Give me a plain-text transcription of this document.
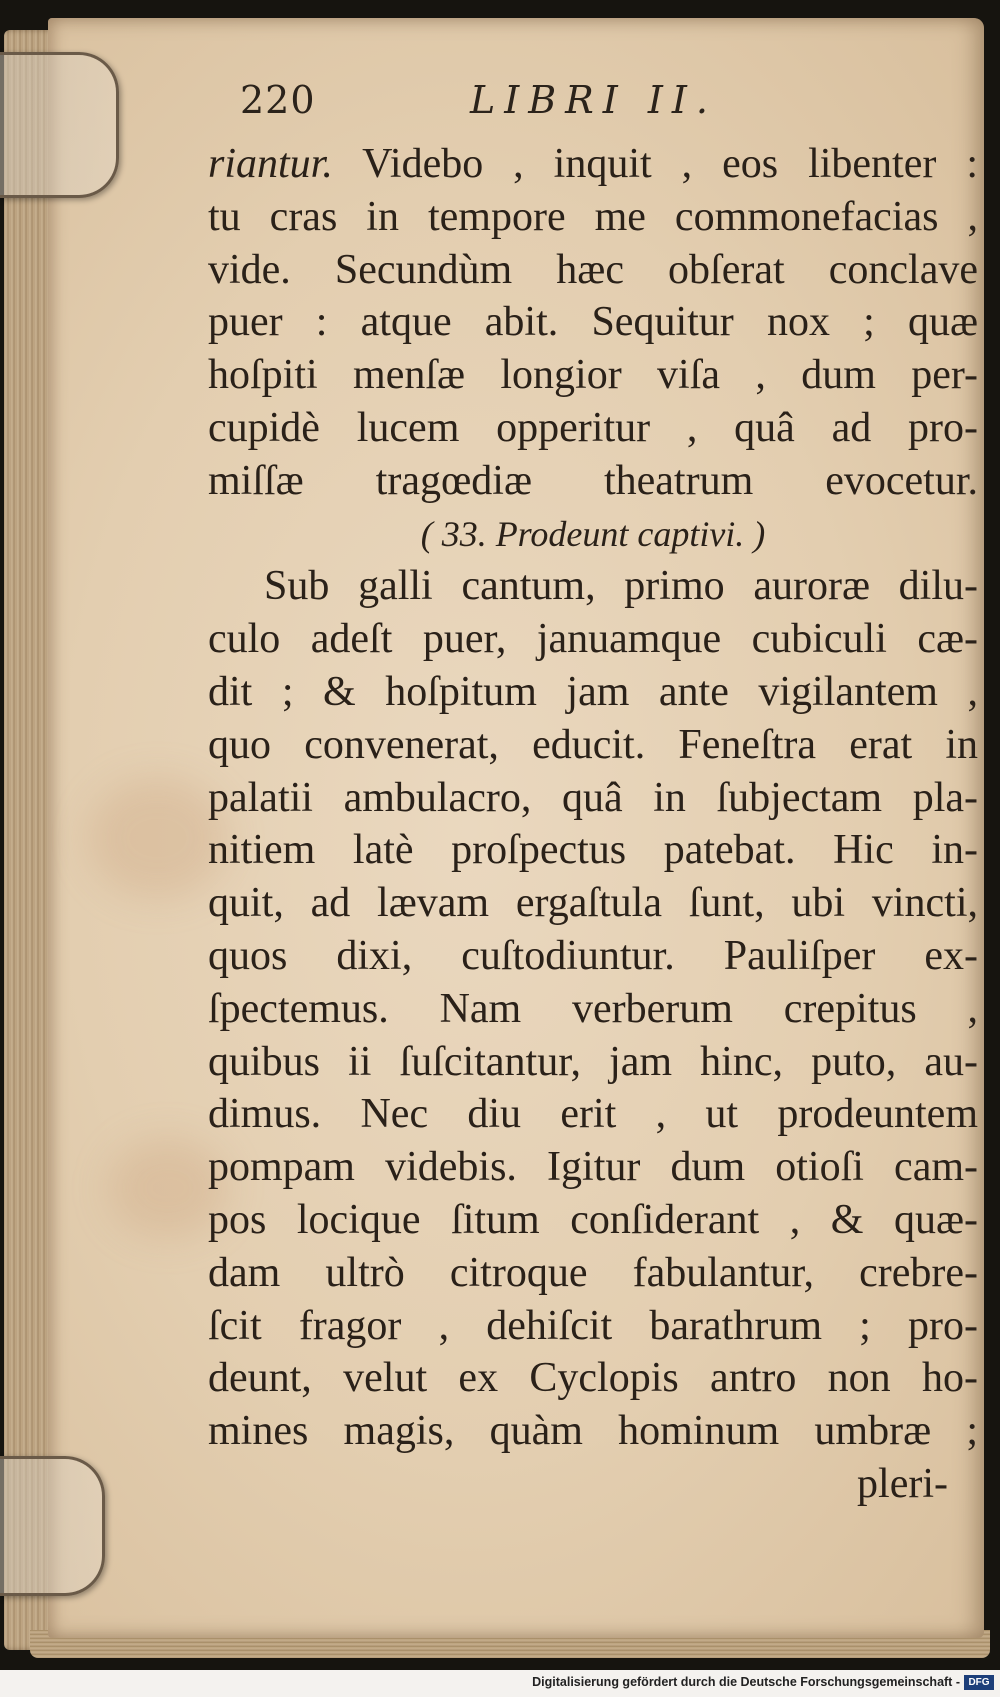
220	LIBRI II.
riantur. Videbo , inquit , eos libenter :
tu cras in tempore me commonefacias ,
vide. Secundùm hæc obſerat conclave
puer : atque abit. Sequitur nox ; quæ
hoſpiti menſæ longior viſa , dum per-
cupidè lucem opperitur , quâ ad pro-
miſſæ tragœdiæ theatrum evocetur.
( 33. Prodeunt captivi. )
Sub galli cantum, primo auroræ dilu-
culo adeſt puer, januamque cubiculi cæ-
dit ; & hoſpitum jam ante vigilantem ,
quo convenerat, educit. Feneſtra erat in
palatii ambulacro, quâ in ſubjectam pla-
nitiem latè proſpectus patebat. Hic in-
quit, ad lævam ergaſtula ſunt, ubi vincti,
quos dixi, cuſtodiuntur. Pauliſper ex-
ſpectemus. Nam verberum crepitus ,
quibus ii ſuſcitantur, jam hinc, puto, au-
dimus. Nec diu erit , ut prodeuntem
pompam videbis. Igitur dum otioſi cam-
pos locique ſitum conſiderant , & quæ-
dam ultrò citroque fabulantur, crebre-
ſcit fragor , dehiſcit barathrum ; pro-
deunt, velut ex Cyclopis antro non ho-
mines magis, quàm hominum umbræ ;
pleri-
Digitalisierung gefördert durch die Deutsche Forschungsgemeinschaft - DFG
